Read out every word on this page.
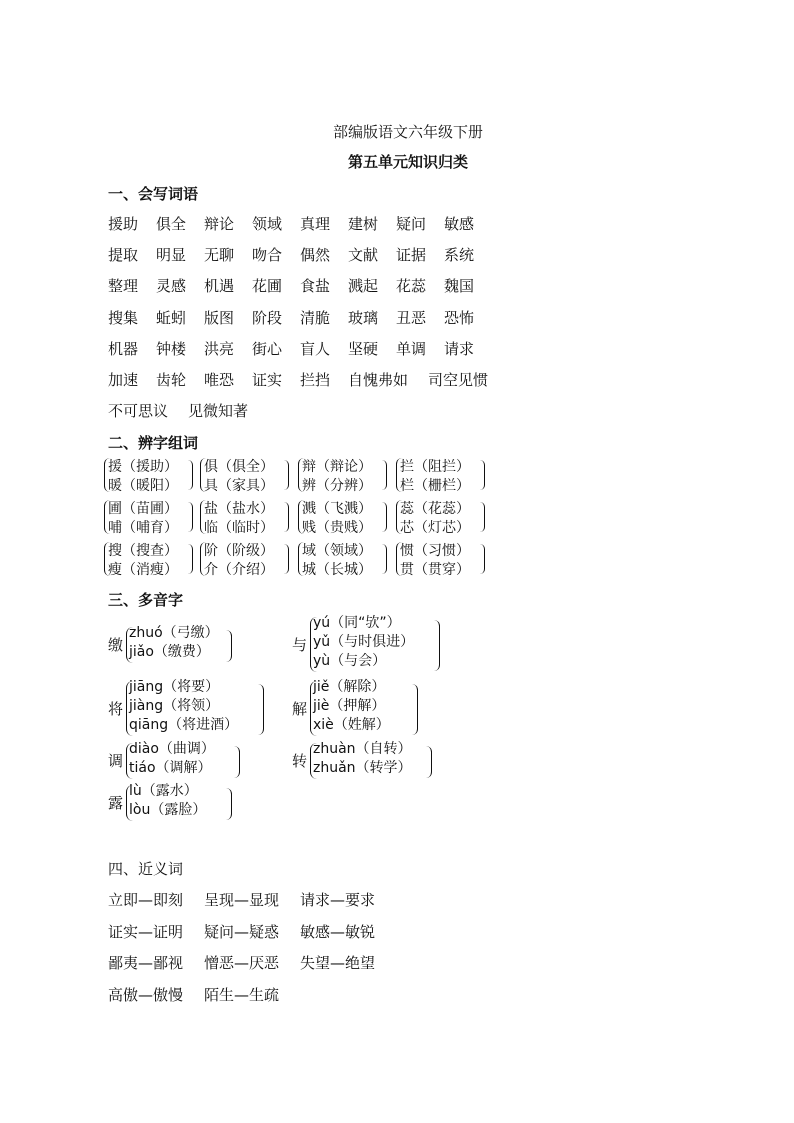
部编版语文六年级下册
第五单元知识归类
一、会写词语
援助 俱全 辩论 领域 真理 建树 疑问 敏感
提取 明显 无聊 吻合 偶然 文献 证据 系统
整理 灵感 机遇 花圃 食盐 溅起 花蕊 魏国
搜集 蚯蚓 版图 阶段 清脆 玻璃 丑恶 恐怖
机器 钟楼 洪亮 街心 盲人 坚硬 单调 请求
加速 齿轮 唯恐 证实 拦挡 自愧弗如 司空见惯
不可思议 见微知著
二、辨字组词
援（援助）
暖（暖阳）
俱（俱全）
具（家具）
辩（辩论）
辨（分辨）
拦（阻拦）
栏（栅栏）
圃（苗圃）
哺（哺育）
盐（盐水）
临（临时）
溅（飞溅）
贱（贵贱）
蕊（花蕊）
芯（灯芯）
搜（搜查）
瘦（消瘦）
阶（阶级）
介（介绍）
域（领域）
城（长城）
惯（习惯）
贯（贯穿）
三、多音字
缴
zhuó（弓缴）
jiǎo（缴费）	与
yú（同“欤”）
yǔ（与时俱进）
yù（与会）
将
jiāng（将要）
jiàng（将领）
qiāng（将进酒）
解
jiě（解除）
jiè（押解）
xiè（姓解）
调
diào（曲调）
tiáo（调解）	转
zhuàn（自转）
zhuǎn（转学）
露
lù（露水）
lòu（露脸）
四、近义词
立即—即刻 呈现—显现 请求—要求
证实—证明 疑问—疑惑 敏感—敏锐
鄙夷—鄙视 憎恶—厌恶 失望—绝望
高傲—傲慢 陌生—生疏
